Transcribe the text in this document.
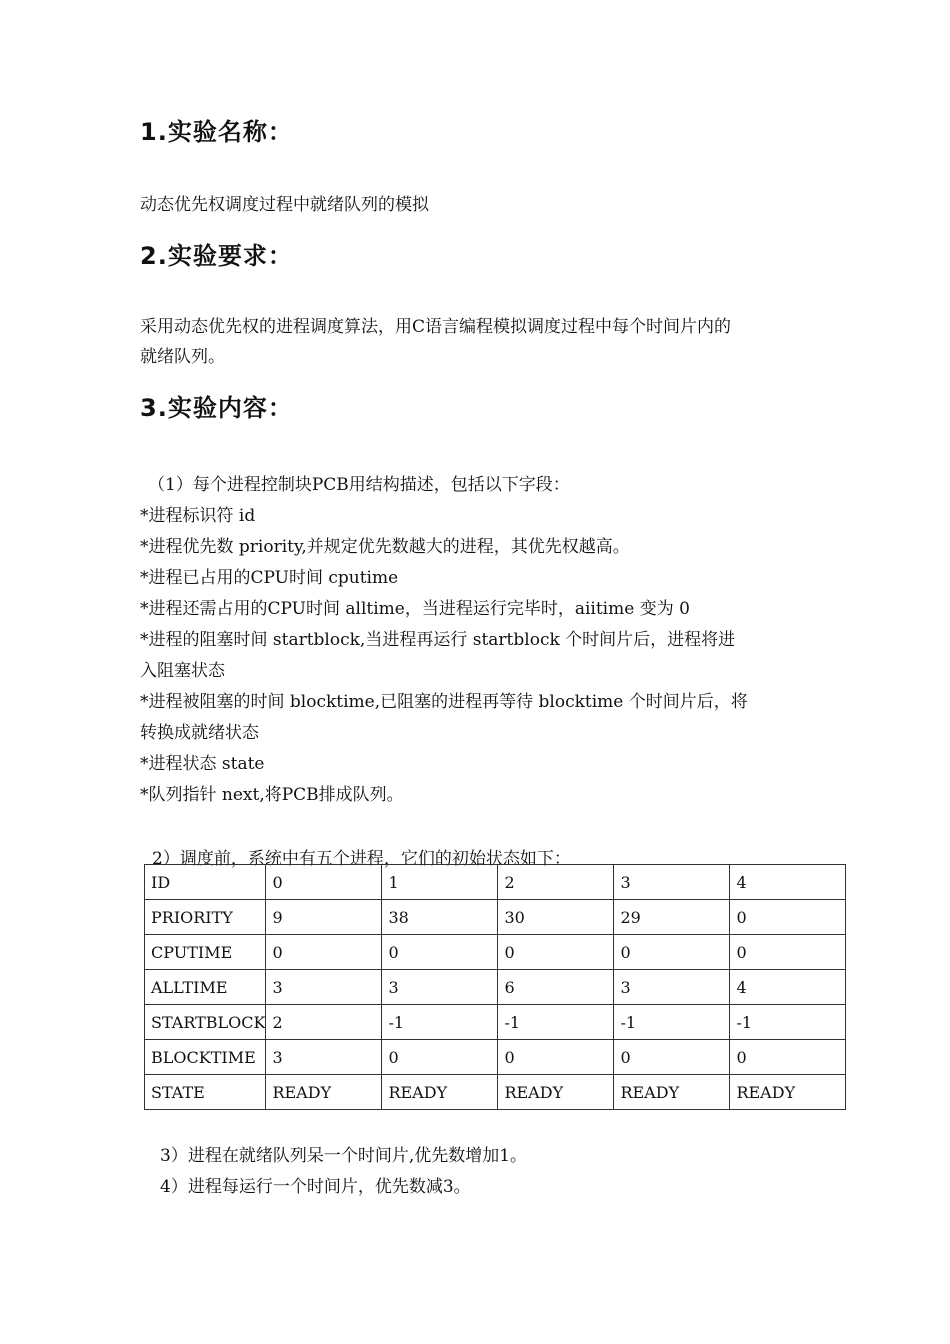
1.实验名称：
动态优先权调度过程中就绪队列的模拟
2.实验要求：
采用动态优先权的进程调度算法，用C语言编程模拟调度过程中每个时间片内的
就绪队列。
3.实验内容：
（1）每个进程控制块PCB用结构描述，包括以下字段：
*进程标识符 id
*进程优先数 priority,并规定优先数越大的进程，其优先权越高。
*进程已占用的CPU时间 cputime
*进程还需占用的CPU时间 alltime，当进程运行完毕时，aiitime 变为 0
*进程的阻塞时间 startblock,当进程再运行 startblock 个时间片后，进程将进
入阻塞状态
*进程被阻塞的时间 blocktime,已阻塞的进程再等待 blocktime 个时间片后，将
转换成就绪状态
*进程状态 state
*队列指针 next,将PCB排成队列。
2）调度前，系统中有五个进程，它们的初始状态如下：
ID	0	1	2	3	4
PRIORITY	9	38	30	29	0
CPUTIME	0	0	0	0	0
ALLTIME	3	3	6	3	4
STARTBLOCK	2	-1	-1	-1	-1
BLOCKTIME	3	0	0	0	0
STATE	READY	READY	READY	READY	READY
3）进程在就绪队列呆一个时间片,优先数增加1。
4）进程每运行一个时间片，优先数减3。
